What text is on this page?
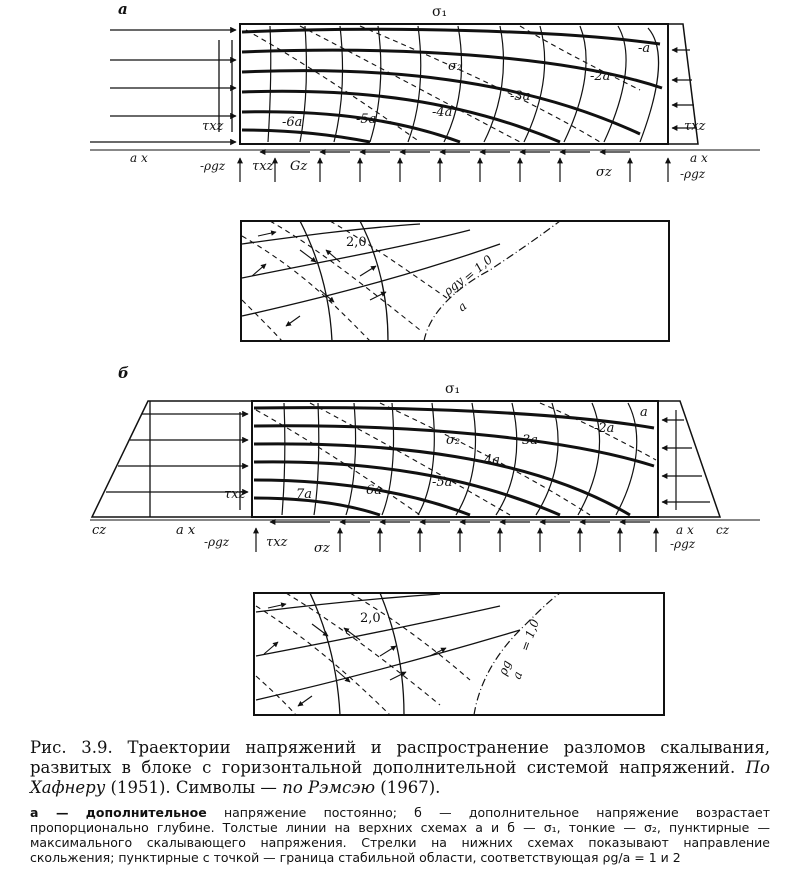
а	σ₁
σ₂
-а
-2а
-3а
-4а
-5а
-6а
τxz	τxz
а x	а x
-ρgz
-ρgz
τxz Gz	σz
2,0
ρgy
а
= 1,0
б
σ₁
σ₂
а
-2а
3а
4а
-5а
6а
7а
τxz
cz	а x
-ρgz	τxz σz
а x cz
-ρgz
2,0
ρg
а
= 1,0
Рис. 3.9. Траектории напряжений и распространение разломов скалывания, развитых в блоке с горизонтальной дополнительной системой напряжений. По Хафнеру (1951). Символы — по Рэмсэю (1967).
а — дополнительное напряжение постоянно; б — дополнительное напряжение возрастает пропорционально глубине. Толстые линии на верхних схемах а и б — σ₁, тонкие — σ₂, пунктирные — максимального скалывающего напряжения. Стрелки на нижних схемах показывают направление скольжения; пунктирные с точкой — граница стабильной области, соответствующая ρg/a = 1 и 2
